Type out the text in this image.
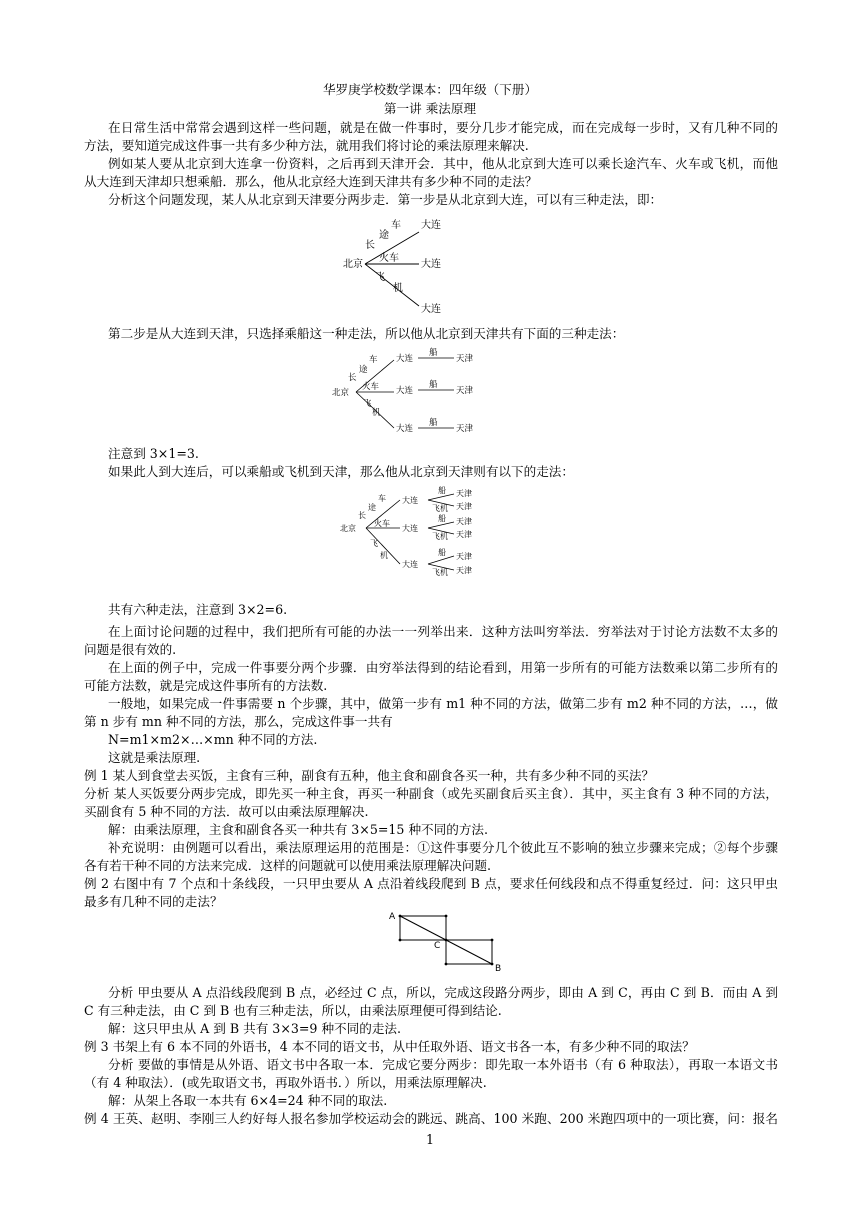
华罗庚学校数学课本：四年级（下册）
第一讲 乘法原理
在日常生活中常常会遇到这样一些问题，就是在做一件事时，要分几步才能完成，而在完成每一步时，又有几种不同的
方法，要知道完成这件事一共有多少种方法，就用我们将讨论的乘法原理来解决.
例如某人要从北京到大连拿一份资料，之后再到天津开会．其中，他从北京到大连可以乘长途汽车、火车或飞机，而他
从大连到天津却只想乘船．那么，他从北京经大连到天津共有多少种不同的走法？
分析这个问题发现，某人从北京到天津要分两步走．第一步是从北京到大连，可以有三种走法，即：
北京
大连
大连
大连
长
途
车
火车
飞
机
第二步是从大连到天津，只选择乘船这一种走法，所以他从北京到天津共有下面的三种走法：
北京
大连
大连
大连
天津
天津
天津
船
船
船
长
途
车
火车
飞
机
注意到 3×1=3.
如果此人到大连后，可以乘船或飞机到天津，那么他从北京到天津则有以下的走法：
北京
大连
大连
大连
天津
天津
天津
天津
天津
天津
船
飞机
船
飞机
船
飞机
长
途
车
火车
飞
机
共有六种走法，注意到 3×2=6.
在上面讨论问题的过程中，我们把所有可能的办法一一列举出来．这种方法叫穷举法．穷举法对于讨论方法数不太多的
问题是很有效的.
在上面的例子中，完成一件事要分两个步骤．由穷举法得到的结论看到，用第一步所有的可能方法数乘以第二步所有的
可能方法数，就是完成这件事所有的方法数.
一般地，如果完成一件事需要 n 个步骤，其中，做第一步有 m1 种不同的方法，做第二步有 m2 种不同的方法，…，做
第 n 步有 mn 种不同的方法，那么，完成这件事一共有
N=m1×m2×…×mn 种不同的方法.
这就是乘法原理.
例 1 某人到食堂去买饭，主食有三种，副食有五种，他主食和副食各买一种，共有多少种不同的买法？
分析 某人买饭要分两步完成，即先买一种主食，再买一种副食（或先买副食后买主食）．其中，买主食有 3 种不同的方法，
买副食有 5 种不同的方法．故可以由乘法原理解决.
解：由乘法原理，主食和副食各买一种共有 3×5=15 种不同的方法.
补充说明：由例题可以看出，乘法原理运用的范围是：①这件事要分几个彼此互不影响的独立步骤来完成；②每个步骤
各有若干种不同的方法来完成．这样的问题就可以使用乘法原理解决问题.
例 2 右图中有 7 个点和十条线段，一只甲虫要从 A 点沿着线段爬到 B 点，要求任何线段和点不得重复经过．问：这只甲虫
最多有几种不同的走法？
A
C
B
分析 甲虫要从 A 点沿线段爬到 B 点，必经过 C 点，所以，完成这段路分两步，即由 A 到 C，再由 C 到 B．而由 A 到
C 有三种走法，由 C 到 B 也有三种走法，所以，由乘法原理便可得到结论.
解：这只甲虫从 A 到 B 共有 3×3=9 种不同的走法.
例 3 书架上有 6 本不同的外语书，4 本不同的语文书，从中任取外语、语文书各一本，有多少种不同的取法？
分析 要做的事情是从外语、语文书中各取一本．完成它要分两步：即先取一本外语书（有 6 种取法），再取一本语文书
（有 4 种取法）．(或先取语文书，再取外语书．）所以，用乘法原理解决.
解：从架上各取一本共有 6×4=24 种不同的取法.
例 4 王英、赵明、李刚三人约好每人报名参加学校运动会的跳远、跳高、100 米跑、200 米跑四项中的一项比赛，问：报名
1
